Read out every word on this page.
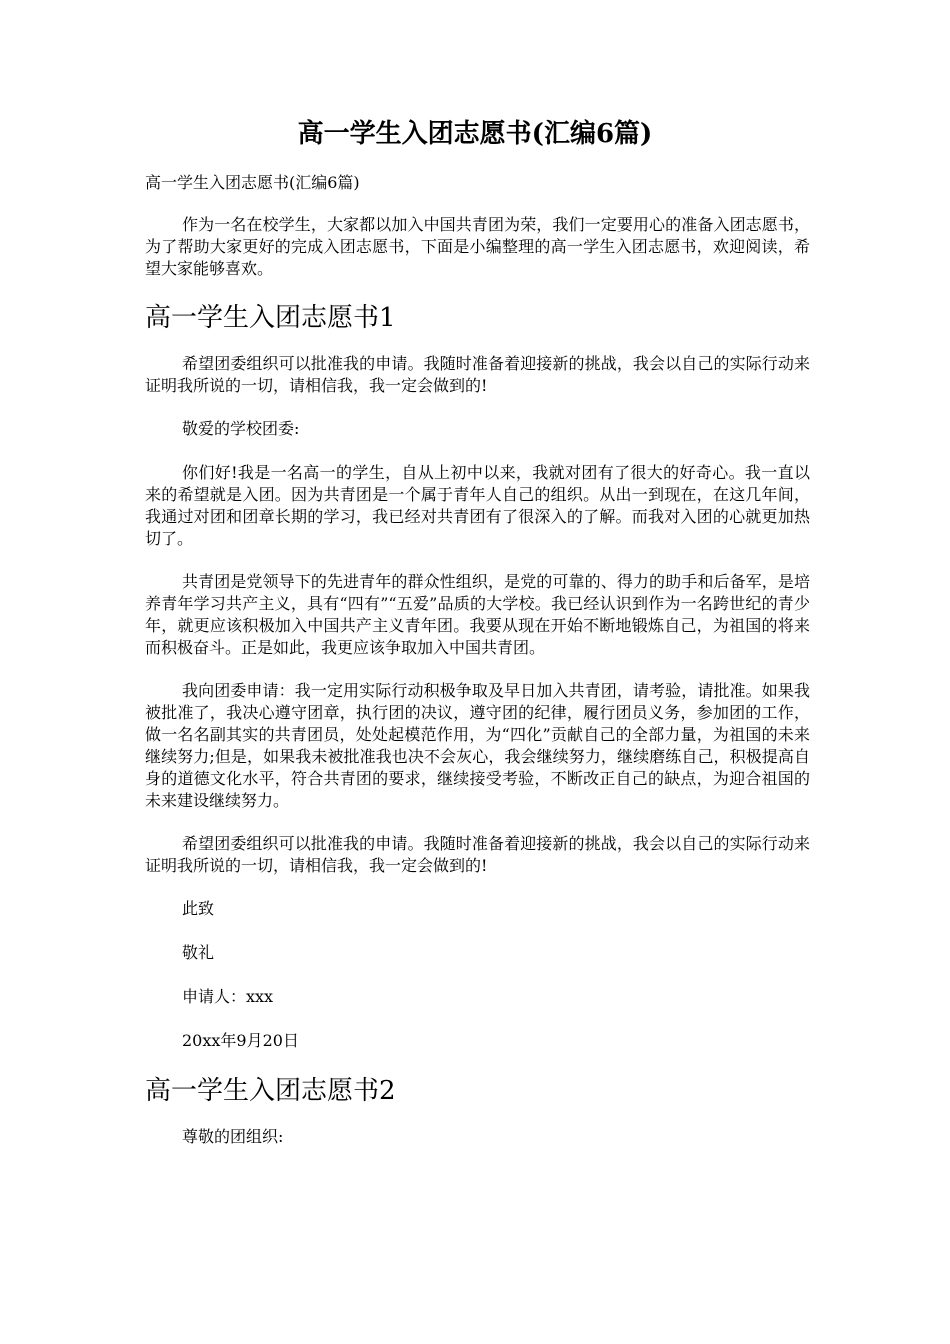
高一学生入团志愿书(汇编6篇)

高一学生入团志愿书(汇编6篇)

作为一名在校学生，大家都以加入中国共青团为荣，我们一定要用心的准备入团志愿书，为了帮助大家更好的完成入团志愿书，下面是小编整理的高一学生入团志愿书，欢迎阅读，希望大家能够喜欢。

高一学生入团志愿书1

希望团委组织可以批准我的申请。我随时准备着迎接新的挑战，我会以自己的实际行动来证明我所说的一切，请相信我，我一定会做到的!

敬爱的学校团委:

你们好!我是一名高一的学生，自从上初中以来，我就对团有了很大的好奇心。我一直以来的希望就是入团。因为共青团是一个属于青年人自己的组织。从出一到现在，在这几年间，我通过对团和团章长期的学习，我已经对共青团有了很深入的了解。而我对入团的心就更加热切了。

共青团是党领导下的先进青年的群众性组织，是党的可靠的、得力的助手和后备军，是培养青年学习共产主义，具有“四有”“五爱”品质的大学校。我已经认识到作为一名跨世纪的青少年，就更应该积极加入中国共产主义青年团。我要从现在开始不断地锻炼自己，为祖国的将来而积极奋斗。正是如此，我更应该争取加入中国共青团。

我向团委申请：我一定用实际行动积极争取及早日加入共青团，请考验，请批准。如果我被批准了，我决心遵守团章，执行团的决议，遵守团的纪律，履行团员义务，参加团的工作，做一名名副其实的共青团员，处处起模范作用，为“四化”贡献自己的全部力量，为祖国的未来继续努力;但是，如果我未被批准我也决不会灰心，我会继续努力，继续磨练自己，积极提高自身的道德文化水平，符合共青团的要求，继续接受考验，不断改正自己的缺点，为迎合祖国的未来建设继续努力。

希望团委组织可以批准我的申请。我随时准备着迎接新的挑战，我会以自己的实际行动来证明我所说的一切，请相信我，我一定会做到的!

此致

敬礼

申请人：xxx

20xx年9月20日

高一学生入团志愿书2

尊敬的团组织:
